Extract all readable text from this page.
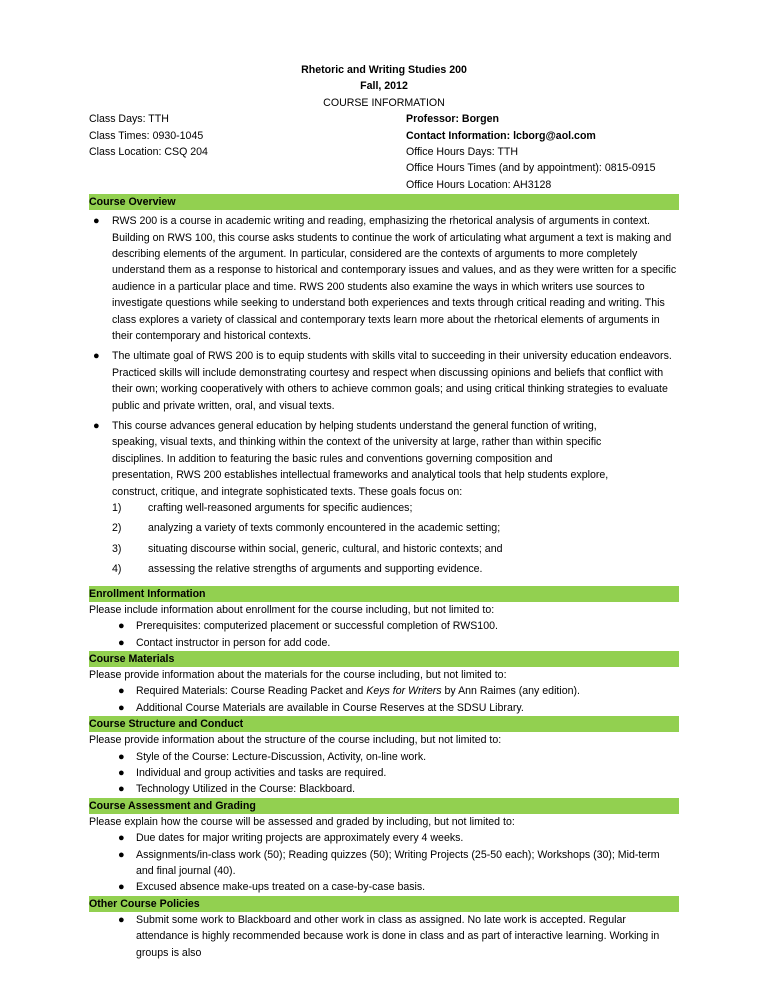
Rhetoric and Writing Studies 200
Fall, 2012
COURSE INFORMATION
Class Days: TTH	Professor: Borgen
Class Times: 0930-1045	Contact Information: lcborg@aol.com
Class Location: CSQ 204	Office Hours Days: TTH
Office Hours Times (and by appointment): 0815-0915
Office Hours Location: AH3128
Course Overview
● RWS 200 is a course in academic writing and reading, emphasizing the rhetorical analysis of arguments in context. Building on RWS 100, this course asks students to continue the work of articulating what argument a text is making and describing elements of the argument. In particular, considered are the contexts of arguments to more completely understand them as a response to historical and contemporary issues and values, and as they were written for a specific audience in a particular place and time. RWS 200 students also examine the ways in which writers use sources to investigate questions while seeking to understand both experiences and texts through critical reading and writing. This class explores a variety of classical and contemporary texts learn more about the rhetorical elements of arguments in their contemporary and historical contexts.
● The ultimate goal of RWS 200 is to equip students with skills vital to succeeding in their university education endeavors. Practiced skills will include demonstrating courtesy and respect when discussing opinions and beliefs that conflict with their own; working cooperatively with others to achieve common goals; and using critical thinking strategies to evaluate public and private written, oral, and visual texts.
● This course advances general education by helping students understand the general function of writing,
speaking, visual texts, and thinking within the context of the university at large, rather than within specific
disciplines. In addition to featuring the basic rules and conventions governing composition and
presentation, RWS 200 establishes intellectual frameworks and analytical tools that help students explore,
construct, critique, and integrate sophisticated texts. These goals focus on:
1)	crafting well-reasoned arguments for specific audiences;
2)	analyzing a variety of texts commonly encountered in the academic setting;
3)	situating discourse within social, generic, cultural, and historic contexts; and
4)	assessing the relative strengths of arguments and supporting evidence.
Enrollment Information
Please include information about enrollment for the course including, but not limited to:
● Prerequisites: computerized placement or successful completion of RWS100.
● Contact instructor in person for add code.
Course Materials
Please provide information about the materials for the course including, but not limited to:
● Required Materials: Course Reading Packet and Keys for Writers by Ann Raimes (any edition).
● Additional Course Materials are available in Course Reserves at the SDSU Library.
Course Structure and Conduct
Please provide information about the structure of the course including, but not limited to:
● Style of the Course: Lecture-Discussion, Activity, on-line work.
● Individual and group activities and tasks are required.
● Technology Utilized in the Course: Blackboard.
Course Assessment and Grading
Please explain how the course will be assessed and graded by including, but not limited to:
● Due dates for major writing projects are approximately every 4 weeks.
● Assignments/in-class work (50); Reading quizzes (50); Writing Projects (25-50 each); Workshops (30); Mid-term and final journal (40).
● Excused absence make-ups treated on a case-by-case basis.
Other Course Policies
● Submit some work to Blackboard and other work in class as assigned. No late work is accepted. Regular attendance is highly recommended because work is done in class and as part of interactive learning. Working in groups is also
